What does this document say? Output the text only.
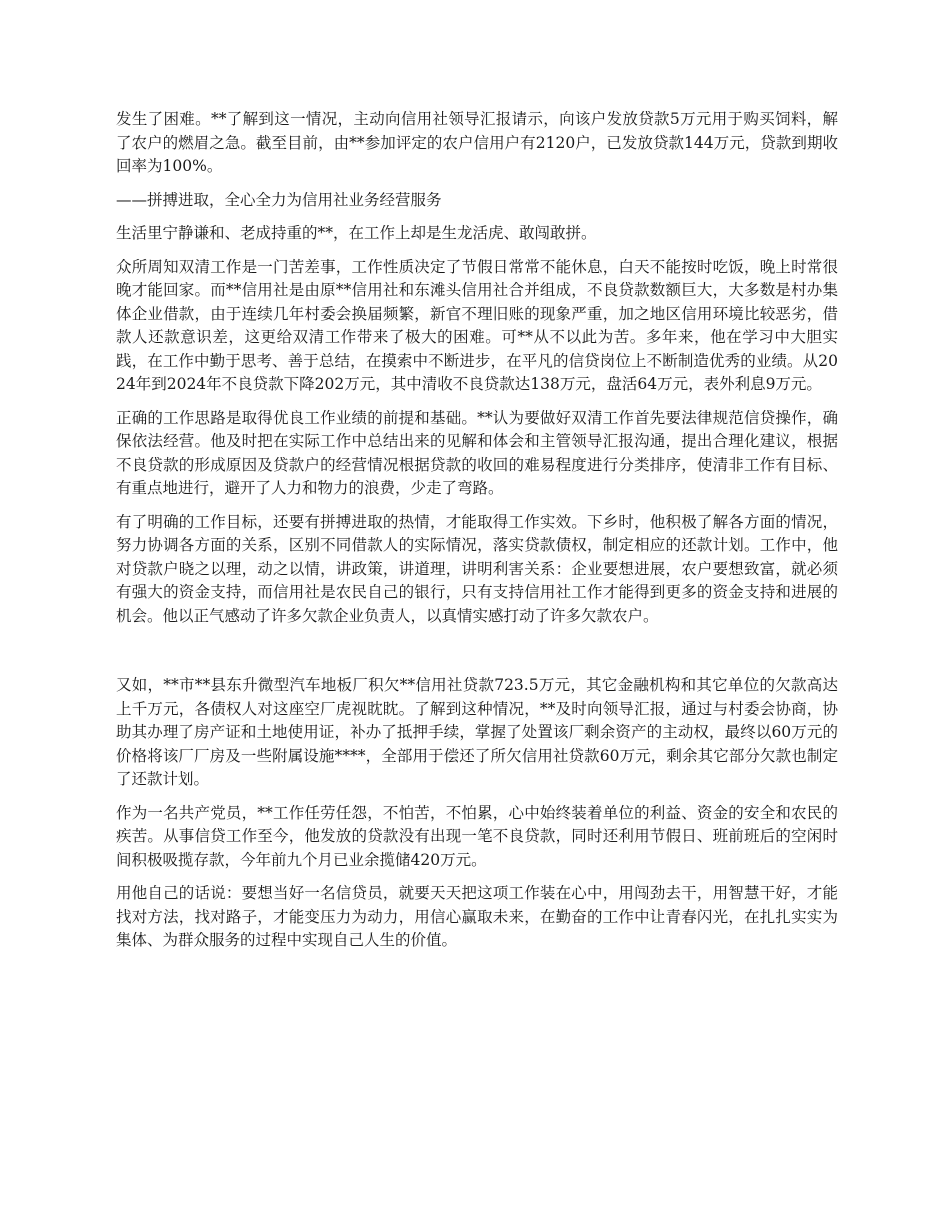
发生了困难。**了解到这一情况，主动向信用社领导汇报请示，向该户发放贷款5万元用于购买饲料，解了农户的燃眉之急。截至目前，由**参加评定的农户信用户有2120户，已发放贷款144万元，贷款到期收回率为100%。

——拼搏进取，全心全力为信用社业务经营服务

生活里宁静谦和、老成持重的**，在工作上却是生龙活虎、敢闯敢拼。

众所周知双清工作是一门苦差事，工作性质决定了节假日常常不能休息，白天不能按时吃饭，晚上时常很晚才能回家。而**信用社是由原**信用社和东滩头信用社合并组成，不良贷款数额巨大，大多数是村办集体企业借款，由于连续几年村委会换届频繁，新官不理旧账的现象严重，加之地区信用环境比较恶劣，借款人还款意识差，这更给双清工作带来了极大的困难。可**从不以此为苦。多年来，他在学习中大胆实践，在工作中勤于思考、善于总结，在摸索中不断进步，在平凡的信贷岗位上不断制造优秀的业绩。从2024年到2024年不良贷款下降202万元，其中清收不良贷款达138万元，盘活64万元，表外利息9万元。

正确的工作思路是取得优良工作业绩的前提和基础。**认为要做好双清工作首先要法律规范信贷操作，确保依法经营。他及时把在实际工作中总结出来的见解和体会和主管领导汇报沟通，提出合理化建议，根据不良贷款的形成原因及贷款户的经营情况根据贷款的收回的难易程度进行分类排序，使清非工作有目标、有重点地进行，避开了人力和物力的浪费，少走了弯路。

有了明确的工作目标，还要有拼搏进取的热情，才能取得工作实效。下乡时，他积极了解各方面的情况，努力协调各方面的关系，区别不同借款人的实际情况，落实贷款债权，制定相应的还款计划。工作中，他对贷款户晓之以理，动之以情，讲政策，讲道理，讲明利害关系：企业要想进展，农户要想致富，就必须有强大的资金支持，而信用社是农民自己的银行，只有支持信用社工作才能得到更多的资金支持和进展的机会。他以正气感动了许多欠款企业负责人，以真情实感打动了许多欠款农户。

又如，**市**县东升微型汽车地板厂积欠**信用社贷款723.5万元，其它金融机构和其它单位的欠款高达上千万元，各债权人对这座空厂虎视眈眈。了解到这种情况，**及时向领导汇报，通过与村委会协商，协助其办理了房产证和土地使用证，补办了抵押手续，掌握了处置该厂剩余资产的主动权，最终以60万元的价格将该厂厂房及一些附属设施****，全部用于偿还了所欠信用社贷款60万元，剩余其它部分欠款也制定了还款计划。

作为一名共产党员，**工作任劳任怨，不怕苦，不怕累，心中始终装着单位的利益、资金的安全和农民的疾苦。从事信贷工作至今，他发放的贷款没有出现一笔不良贷款，同时还利用节假日、班前班后的空闲时间积极吸揽存款，今年前九个月已业余揽储420万元。

用他自己的话说：要想当好一名信贷员，就要天天把这项工作装在心中，用闯劲去干，用智慧干好，才能找对方法，找对路子，才能变压力为动力，用信心赢取未来，在勤奋的工作中让青春闪光，在扎扎实实为集体、为群众服务的过程中实现自己人生的价值。
